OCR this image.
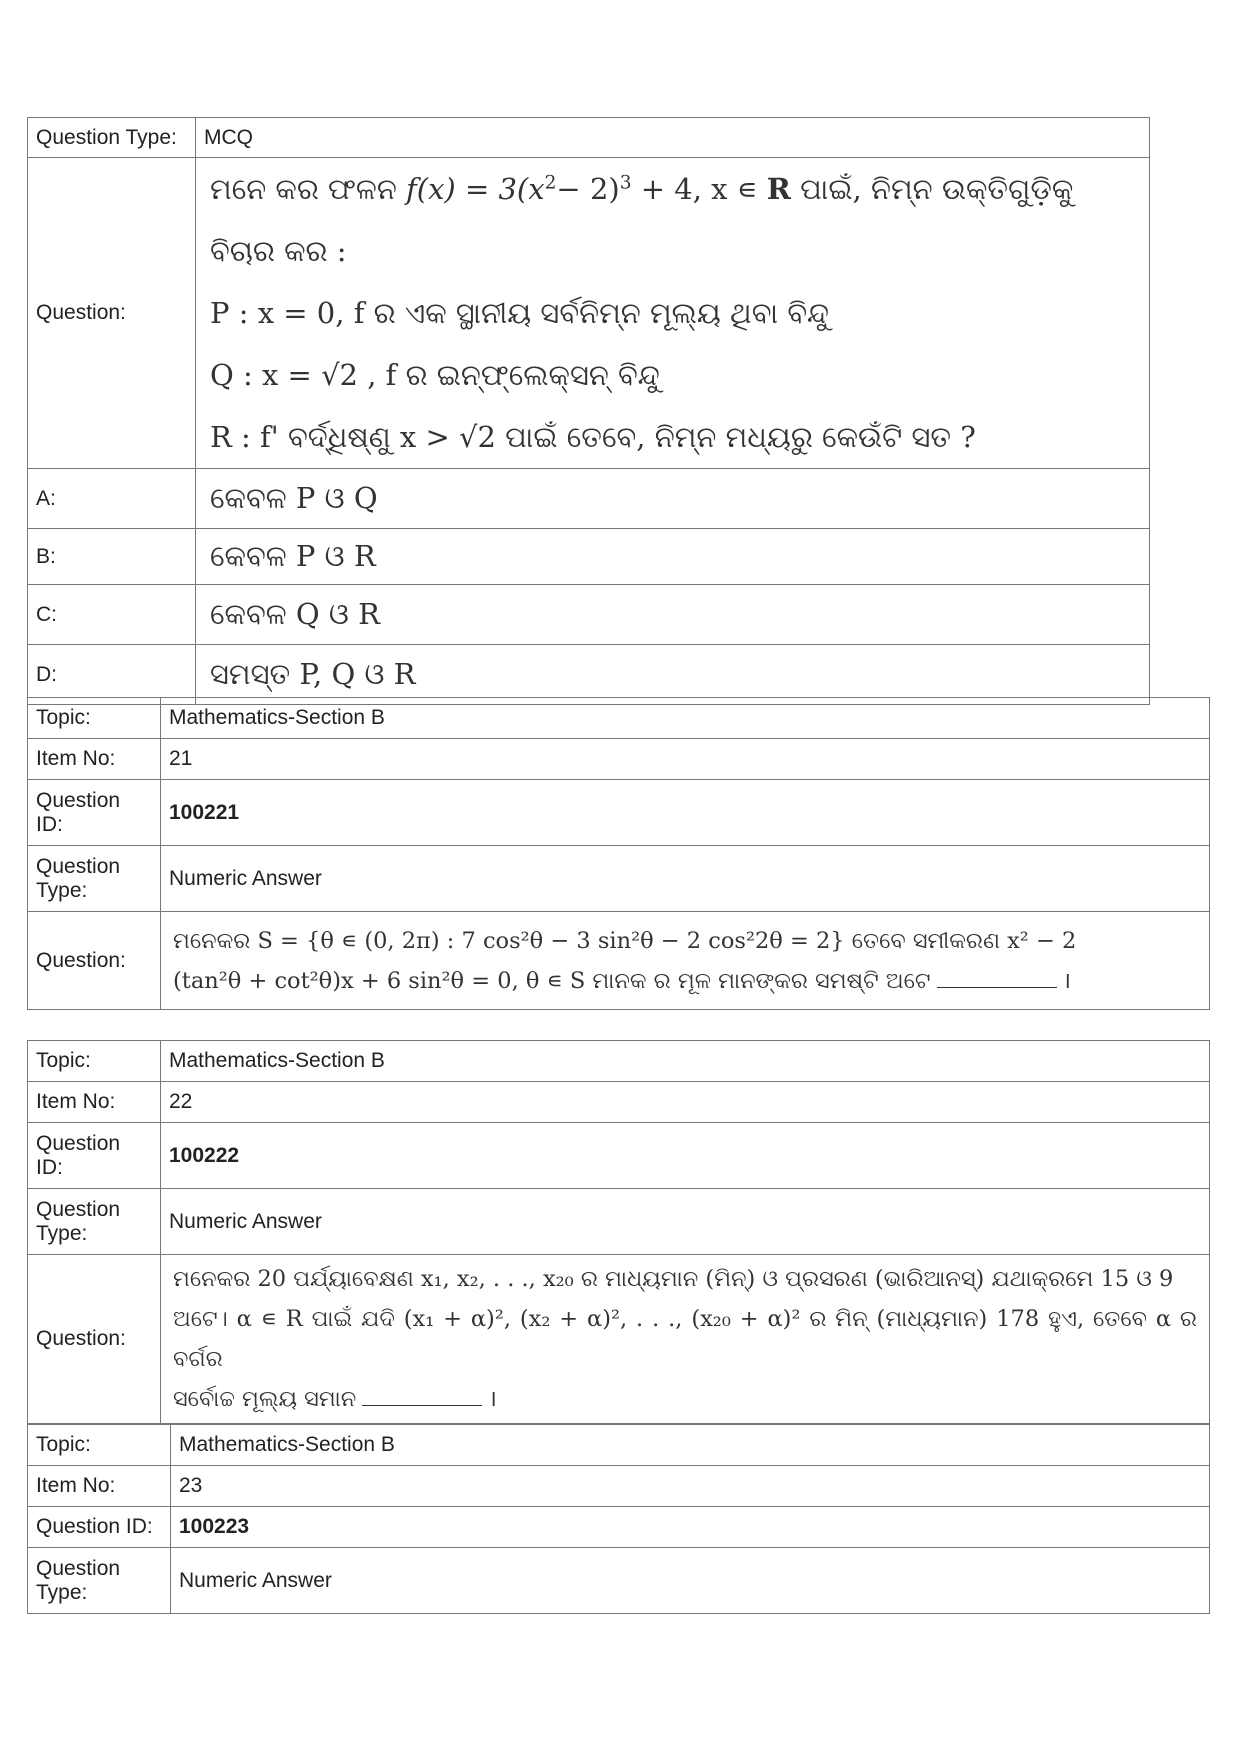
Question Type:	MCQ
Question:	ମନେ କର ଫଳନ $f(x) = 3(x^2- 2)^3 + 4$, x ∊ R ପାଇଁ, ନିମ୍ନ ଉକ୍ତିଗୁଡ଼ିକୁ ବିଚାର କର :
P : x = 0, f ର ଏକ ସ୍ଥାନୀୟ ସର୍ବନିମ୍ନ ମୂଲ୍ୟ ଥିବା ବିନ୍ଦୁ
Q : x = √2 , f ର ଇନ୍‌ଫ୍ଲେକ୍ସନ୍ ବିନ୍ଦୁ
R : f' ବର୍ଦ୍ଧିଷ୍ଣୁ x > √2 ପାଇଁ ତେବେ, ନିମ୍ନ ମଧ୍ୟରୁ କେଉଁଟି ସତ ?

A:	କେବଳ P ଓ Q
B:	କେବଳ P ଓ R
C:	କେବଳ Q ଓ R
D:	ସମସ୍ତ P, Q ଓ R
Topic:	Mathematics-Section B
Item No:	21
Question ID:	100221
Question Type:	Numeric Answer
Question:	ମନେକର S = {θ ∊ (0, 2π) : 7 cos²θ − 3 sin²θ − 2 cos²2θ = 2} ତେବେ ସମୀକରଣ x² − 2
(tan²θ + cot²θ)x + 6 sin²θ = 0, θ ∊ S ମାନକ ର ମୂଳ ମାନଙ୍କର ସମଷ୍ଟି ଅଟେ ।
Topic:	Mathematics-Section B
Item No:	22
Question ID:	100222
Question Type:	Numeric Answer
Question:	ମନେକର 20 ପର୍ଯ୍ୟାବେକ୍ଷଣ x₁, x₂, . . ., x₂₀ ର ମାଧ୍ୟମାନ (ମିନ୍) ଓ ପ୍ରସରଣ (ଭାରିଆନସ୍) ଯଥାକ୍ରମେ 15 ଓ 9
ଅଟେ। α ∊ R ପାଇଁ ଯଦି (x₁ + α)², (x₂ + α)², . . ., (x₂₀ + α)² ର ମିନ୍ (ମାଧ୍ୟମାନ) 178 ହୁଏ, ତେବେ α ର ବର୍ଗର
ସର୍ବୋଚ୍ଚ ମୂଲ୍ୟ ସମାନ ।
Topic:	Mathematics-Section B
Item No:	23
Question ID:	100223
Question Type:	Numeric Answer
